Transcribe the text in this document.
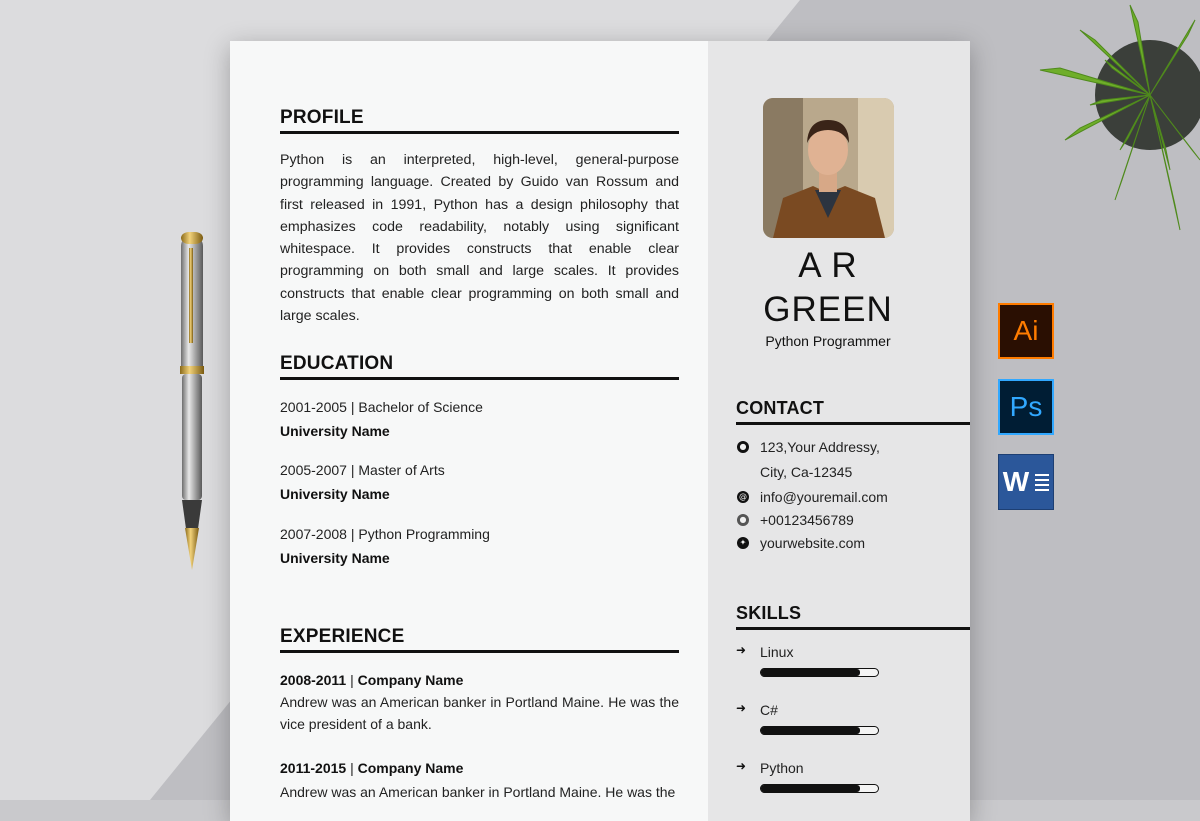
Ai
Ps
W
PROFILE
Python is an interpreted, high-level, general-purpose programming language. Created by Guido van Rossum and first released in 1991, Python has a design philosophy that emphasizes code readability, notably using significant whitespace. It provides constructs that enable clear programming on both small and large scales. It provides constructs that enable clear programming on both small and large scales.
EDUCATION
2001-2005 | Bachelor of Science
University Name
2005-2007 | Master of Arts
University Name
2007-2008 | Python Programming
University Name
EXPERIENCE
2008-2011 | Company Name
Andrew was an American banker in Portland Maine. He was the vice president of a bank.
2011-2015 | Company Name
Andrew was an American banker in Portland Maine. He was the
A R
GREEN
Python Programmer
CONTACT
● 123,Your Addressy,
City, Ca-12345
@ info@youremail.com
● +00123456789
✦ yourwebsite.com
SKILLS
➜ Linux
➜ C#
➜ Python
